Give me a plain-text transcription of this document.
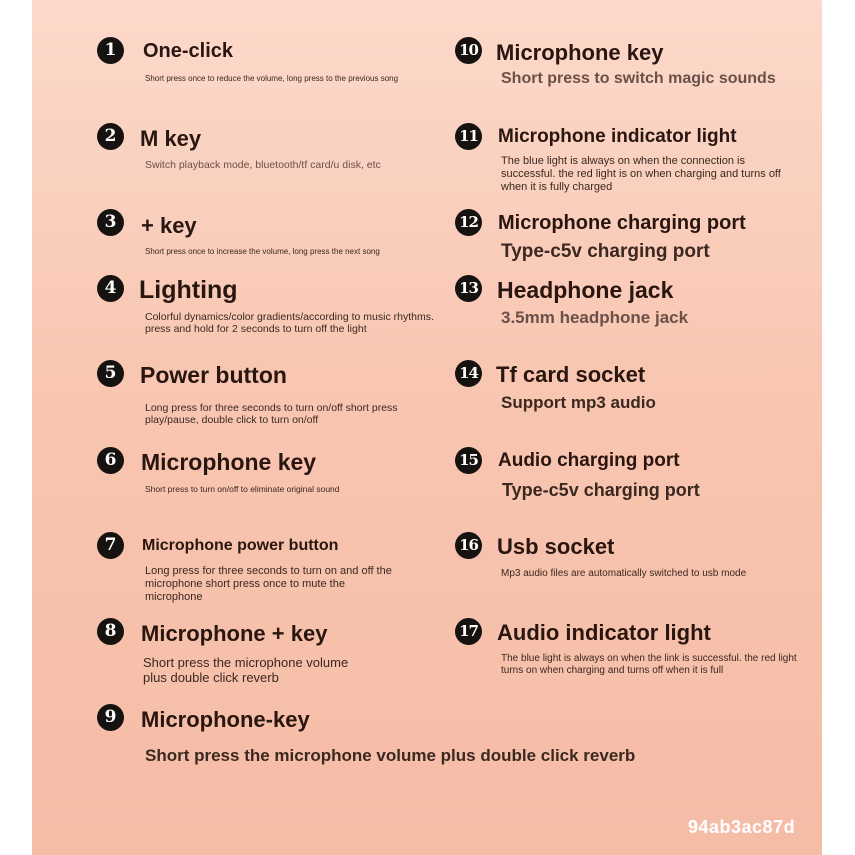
1	One-click
Short press once to reduce the volume, long press to the previous song
2	M key
Switch playback mode, bluetooth/tf card/u disk, etc
3	+ key
Short press once to increase the volume, long press the next song
4 Lighting
Colorful dynamics/color gradients/according to music rhythms. press and hold for 2 seconds to turn off the light
5	Power button
Long press for three seconds to turn on/off short press play/pause, double click to turn on/off
6	Microphone key
Short press to turn on/off to eliminate original sound
7	Microphone power button
Long press for three seconds to turn on and off the microphone short press once to mute the microphone
8	Microphone + key
Short press the microphone volume plus double click reverb
9	Microphone-key
Short press the microphone volume plus double click reverb
10 Microphone key
Short press to switch magic sounds
11 Microphone indicator light
The blue light is always on when the connection is successful. the red light is on when charging and turns off when it is fully charged
12 Microphone charging port
Type-c5v charging port
13 Headphone jack
3.5mm headphone jack
14 Tf card socket
Support mp3 audio
15 Audio charging port
Type-c5v charging port
16 Usb socket
Mp3 audio files are automatically switched to usb mode
17 Audio indicator light
The blue light is always on when the link is successful. the red light turns on when charging and turns off when it is full
94ab3ac87d
